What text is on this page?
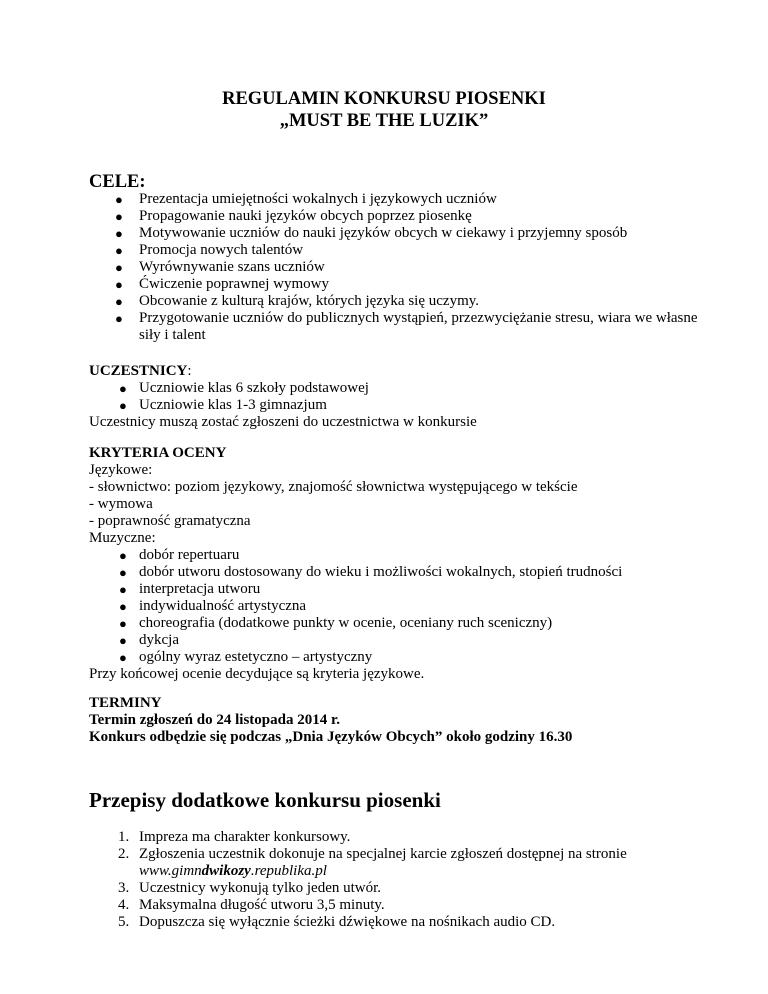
REGULAMIN KONKURSU PIOSENKI
„MUST BE THE LUZIK”
CELE:
● Prezentacja umiejętności wokalnych i językowych uczniów
● Propagowanie nauki języków obcych poprzez piosenkę
● Motywowanie uczniów do nauki języków obcych w ciekawy i przyjemny sposób
● Promocja nowych talentów
● Wyrównywanie szans uczniów
● Ćwiczenie poprawnej wymowy
● Obcowanie z kulturą krajów, których języka się uczymy.
● Przygotowanie uczniów do publicznych wystąpień, przezwyciężanie stresu, wiara we własne siły i talent
UCZESTNICY:
● Uczniowie klas 6 szkoły podstawowej
● Uczniowie klas 1-3 gimnazjum
Uczestnicy muszą zostać zgłoszeni do uczestnictwa w konkursie
KRYTERIA OCENY
Językowe:
- słownictwo: poziom językowy, znajomość słownictwa występującego w tekście
- wymowa
- poprawność gramatyczna
Muzyczne:
● dobór repertuaru
● dobór utworu dostosowany do wieku i możliwości wokalnych, stopień trudności
● interpretacja utworu
● indywidualność artystyczna
● choreografia (dodatkowe punkty w ocenie, oceniany ruch sceniczny)
● dykcja
● ogólny wyraz estetyczno – artystyczny
Przy końcowej ocenie decydujące są kryteria językowe.
TERMINY
Termin zgłoszeń do 24 listopada 2014 r.
Konkurs odbędzie się podczas „Dnia Języków Obcych” około godziny 16.30
Przepisy dodatkowe konkursu piosenki
1. Impreza ma charakter konkursowy.
2. Zgłoszenia uczestnik dokonuje na specjalnej karcie zgłoszeń dostępnej na stronie
www.gimndwikozy.republika.pl
3. Uczestnicy wykonują tylko jeden utwór.
4. Maksymalna długość utworu 3,5 minuty.
5. Dopuszcza się wyłącznie ścieżki dźwiękowe na nośnikach audio CD.
